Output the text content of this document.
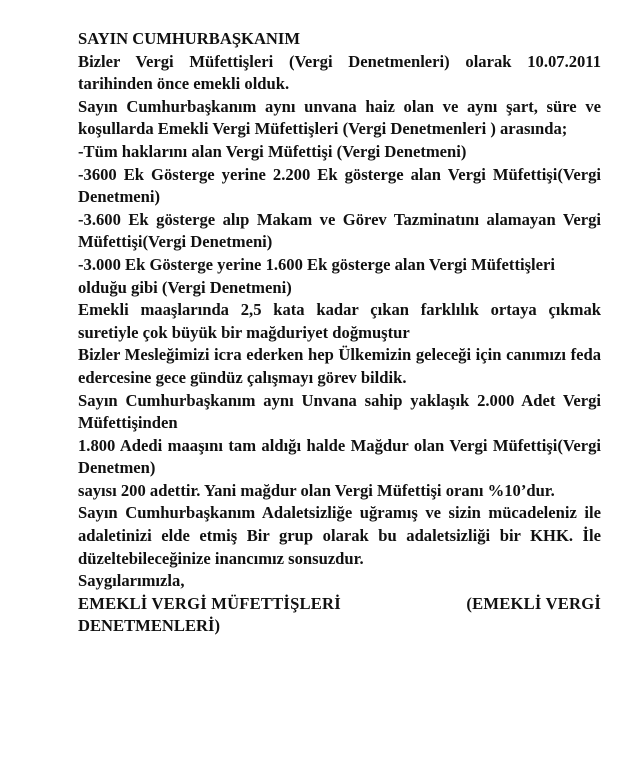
SAYIN CUMHURBAŞKANIM

Bizler Vergi Müfettişleri (Vergi Denetmenleri) olarak 10.07.2011 tarihinden önce emekli olduk.

Sayın Cumhurbaşkanım aynı unvana haiz olan ve aynı şart, süre ve koşullarda Emekli Vergi Müfettişleri (Vergi Denetmenleri ) arasında;

-Tüm haklarını alan Vergi Müfettişi (Vergi Denetmeni)

-3600 Ek Gösterge yerine 2.200 Ek gösterge alan Vergi Müfettişi(Vergi Denetmeni)

-3.600 Ek gösterge alıp Makam ve Görev Tazminatını alamayan Vergi Müfettişi(Vergi Denetmeni)

-3.000 Ek Gösterge yerine 1.600 Ek gösterge alan Vergi Müfettişleri

olduğu gibi (Vergi Denetmeni)

Emekli maaşlarında 2,5 kata kadar çıkan farklılık ortaya çıkmak suretiyle çok büyük bir mağduriyet doğmuştur

Bizler Mesleğimizi icra ederken hep Ülkemizin geleceği için canımızı feda edercesine gece gündüz çalışmayı görev bildik.

Sayın Cumhurbaşkanım aynı Unvana sahip yaklaşık 2.000 Adet Vergi Müfettişinden

1.800 Adedi maaşını tam aldığı halde Mağdur olan Vergi Müfettişi(Vergi Denetmen)

sayısı 200 adettir. Yani mağdur olan Vergi Müfettişi oranı %10’dur.

Sayın Cumhurbaşkanım Adaletsizliğe uğramış ve sizin mücadeleniz ile adaletinizi elde etmiş Bir grup olarak bu adaletsizliği bir KHK. İle düzeltebileceğinize inancımız sonsuzdur.

Saygılarımızla,

EMEKLİ VERGİ MÜFETTİŞLERİ	(EMEKLİ VERGİ

DENETMENLERİ)
